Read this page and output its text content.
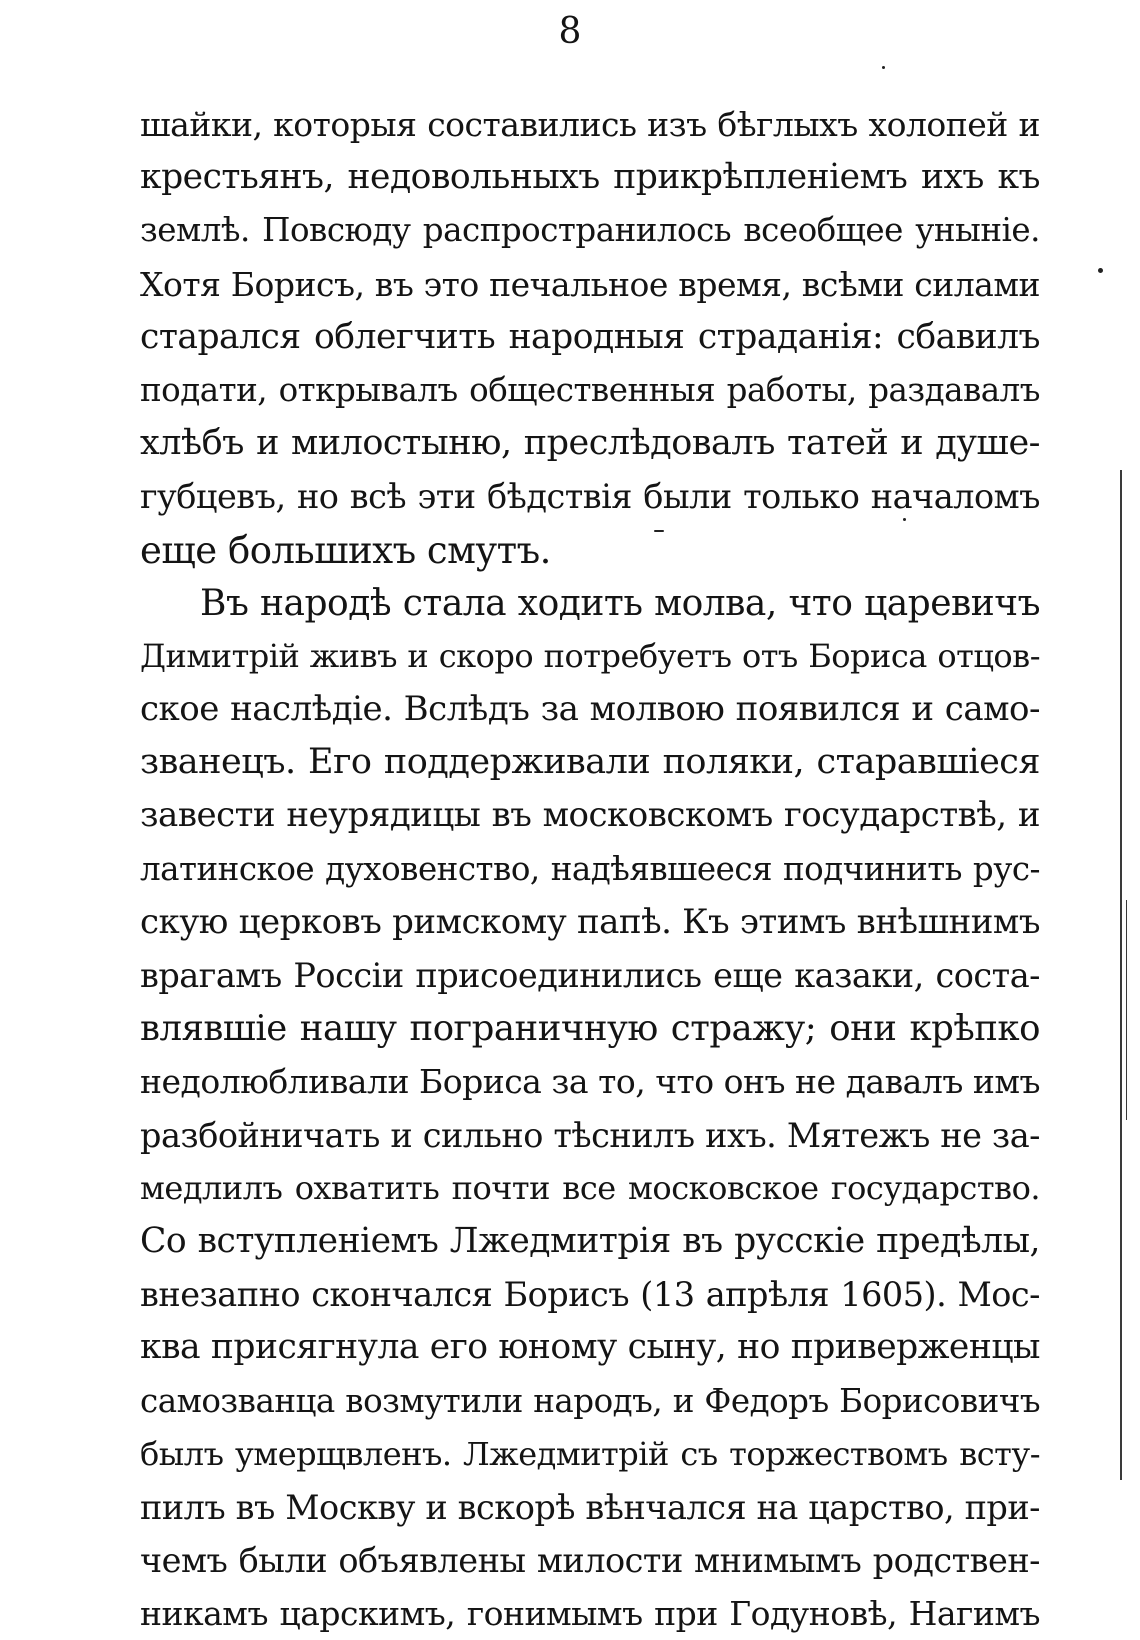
8
шайки, которыя составились изъ бѣглыхъ холопей и
крестьянъ, недовольныхъ прикрѣпленіемъ ихъ къ
землѣ. Повсюду распространилось всеобщее уныніе.
Хотя Борисъ, въ это печальное время, всѣми силами
старался облегчить народныя страданія: сбавилъ
подати, открывалъ общественныя работы, раздавалъ
хлѣбъ и милостыню, преслѣдовалъ татей и душе-
губцевъ, но всѣ эти бѣдствія были только началомъ
еще большихъ смутъ.
Въ народѣ стала ходить молва, что царевичъ
Димитрій живъ и скоро потребуетъ отъ Бориса отцов-
ское наслѣдіе. Вслѣдъ за молвою появился и само-
званецъ. Его поддерживали поляки, старавшіеся
завести неурядицы въ московскомъ государствѣ, и
латинское духовенство, надѣявшееся подчинить рус-
скую церковъ римскому папѣ. Къ этимъ внѣшнимъ
врагамъ Россіи присоединились еще казаки, соста-
влявшіе нашу пограничную стражу; они крѣпко
недолюбливали Бориса за то, что онъ не давалъ имъ
разбойничать и сильно тѣснилъ ихъ. Мятежъ не за-
медлилъ охватить почти все московское государство.
Со вступленіемъ Лжедмитрія въ русскіе предѣлы,
внезапно скончался Борисъ (13 апрѣля 1605). Мос-
ква присягнула его юному сыну, но приверженцы
самозванца возмутили народъ, и Федоръ Борисовичъ
былъ умерщвленъ. Лжедмитрій съ торжествомъ всту-
пилъ въ Москву и вскорѣ вѣнчался на царство, при-
чемъ были объявлены милости мнимымъ родствен-
никамъ царскимъ, гонимымъ при Годуновѣ, Нагимъ
